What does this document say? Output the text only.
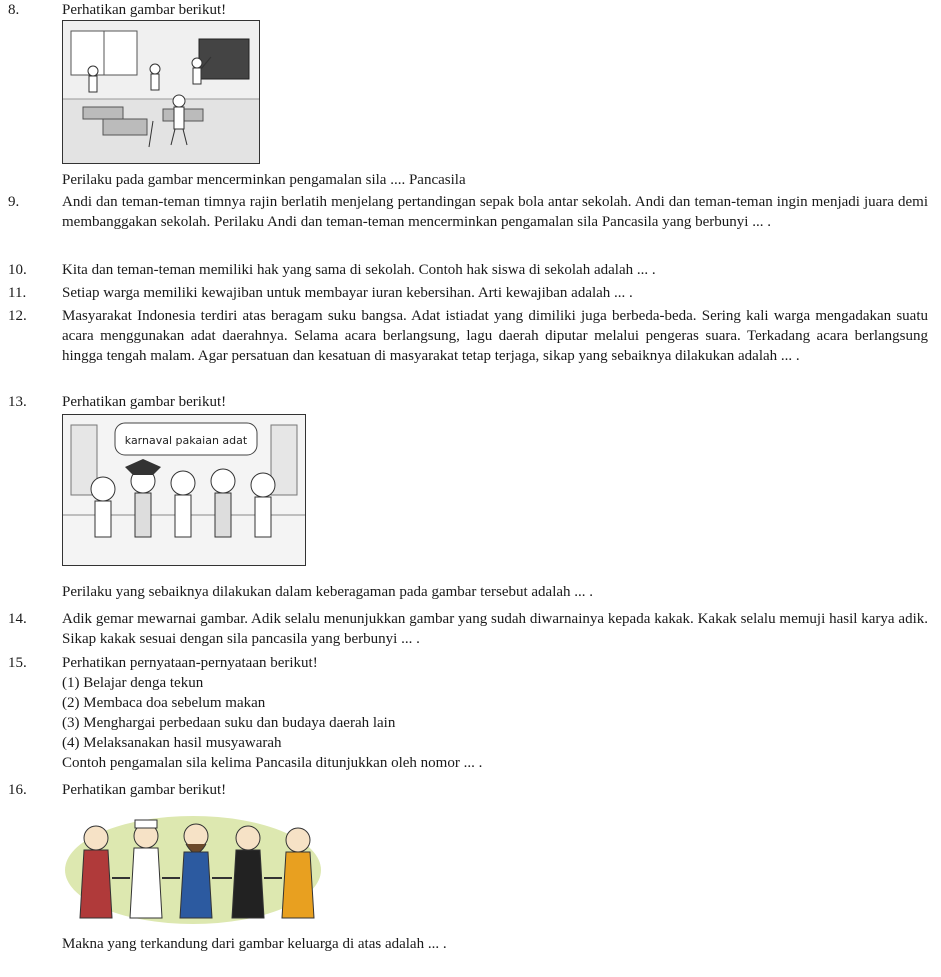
8.	Perhatikan gambar berikut!
Perilaku pada gambar mencerminkan pengamalan sila .... Pancasila
9.	Andi dan teman-teman timnya rajin berlatih menjelang pertandingan sepak bola antar sekolah. Andi dan teman-teman ingin menjadi juara demi membanggakan sekolah. Perilaku Andi dan teman-teman mencerminkan pengamalan sila Pancasila yang berbunyi ... .
10. Kita dan teman-teman memiliki hak yang sama di sekolah. Contoh hak siswa di sekolah adalah ... .
11. Setiap warga memiliki kewajiban untuk membayar iuran kebersihan. Arti kewajiban adalah ... .
12. Masyarakat Indonesia terdiri atas beragam suku bangsa. Adat istiadat yang dimiliki juga berbeda-beda. Sering kali warga mengadakan suatu acara menggunakan adat daerahnya. Selama acara berlangsung, lagu daerah diputar melalui pengeras suara. Terkadang acara berlangsung hingga tengah malam. Agar persatuan dan kesatuan di masyarakat tetap terjaga, sikap yang sebaiknya dilakukan adalah ... .
13. Perhatikan gambar berikut!
karnaval pakaian adat
Perilaku yang sebaiknya dilakukan dalam keberagaman pada gambar tersebut adalah ... .
14. Adik gemar mewarnai gambar. Adik selalu menunjukkan gambar yang sudah diwarnainya kepada kakak. Kakak selalu memuji hasil karya adik. Sikap kakak sesuai dengan sila pancasila yang berbunyi ... .
15. Perhatikan pernyataan-pernyataan berikut!
(1) Belajar denga tekun
(2) Membaca doa sebelum makan
(3) Menghargai perbedaan suku dan budaya daerah lain
(4) Melaksanakan hasil musyawarah
Contoh pengamalan sila kelima Pancasila ditunjukkan oleh nomor ... .
16. Perhatikan gambar berikut!
Makna yang terkandung dari gambar keluarga di atas adalah ... .
